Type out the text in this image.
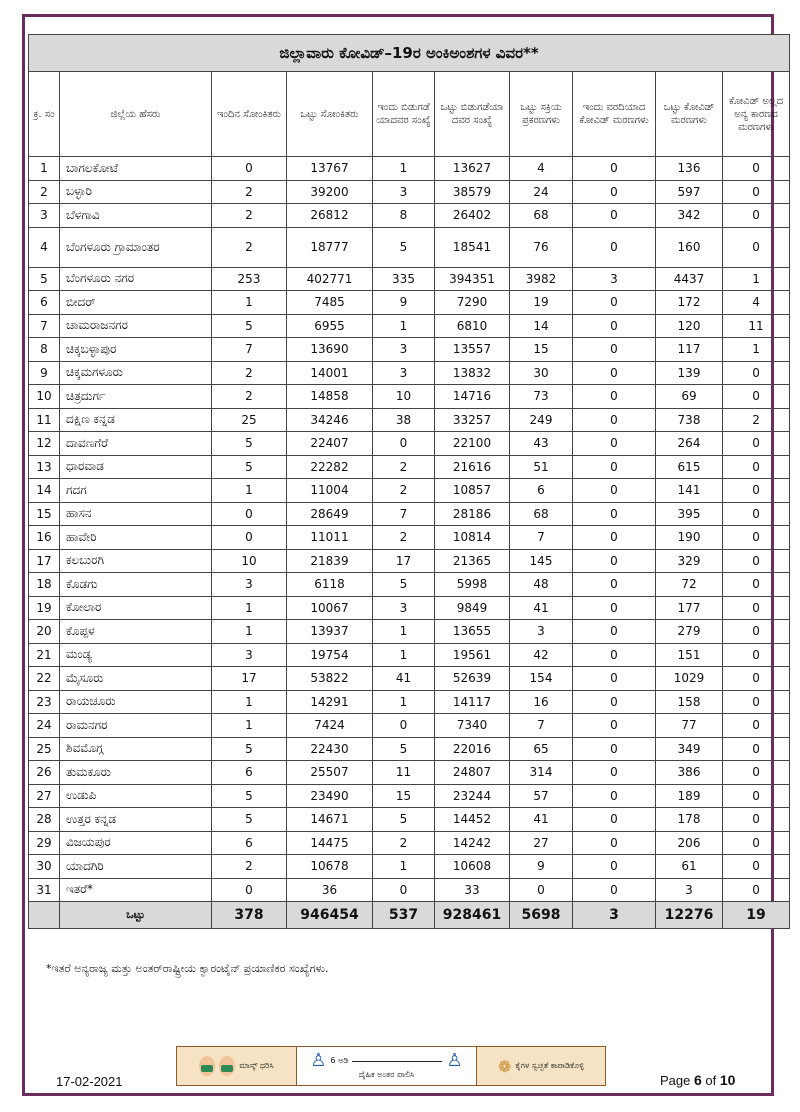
ಜಿಲ್ಲಾವಾರು ಕೋವಿಡ್–19ರ ಅಂಕಿಅಂಶಗಳ ವಿವರ**									
ಕ್ರ. ಸಂ	ಜಿಲ್ಲೆಯ ಹೆಸರು	ಇಂದಿನ ಸೋಂಕಿತರು	ಒಟ್ಟು ಸೋಂಕಿತರು	ಇಂದು ಬಿಡುಗಡೆ ಯಾದವರ ಸಂಖ್ಯೆ	ಒಟ್ಟು ಬಿಡುಗಡೆಯಾ ದವರ ಸಂಖ್ಯೆ	ಒಟ್ಟು ಸಕ್ರಿಯ ಪ್ರಕರಣಗಳು	ಇಂದು ವರದಿಯಾದ ಕೋವಿಡ್ ಮರಣಗಳು	ಒಟ್ಟು ಕೋವಿಡ್ ಮರಣಗಳು	ಕೋವಿಡ್ ಅಲ್ಲದ ಅನ್ಯ ಕಾರಣದ ಮರಣಗಳು
1	ಬಾಗಲಕೋಟೆ	0	13767	1	13627	4	0	136	0
2	ಬಳ್ಳಾರಿ	2	39200	3	38579	24	0	597	0
3	ಬೆಳಗಾವಿ	2	26812	8	26402	68	0	342	0
4	ಬೆಂಗಳೂರು ಗ್ರಾಮಾಂತರ	2	18777	5	18541	76	0	160	0
5	ಬೆಂಗಳೂರು ನಗರ	253	402771	335	394351	3982	3	4437	1
6	ಬೀದರ್	1	7485	9	7290	19	0	172	4
7	ಚಾಮರಾಜನಗರ	5	6955	1	6810	14	0	120	11
8	ಚಿಕ್ಕಬಳ್ಳಾಪುರ	7	13690	3	13557	15	0	117	1
9	ಚಿಕ್ಕಮಗಳೂರು	2	14001	3	13832	30	0	139	0
10	ಚಿತ್ರದುರ್ಗ	2	14858	10	14716	73	0	69	0
11	ದಕ್ಷಿಣ ಕನ್ನಡ	25	34246	38	33257	249	0	738	2
12	ದಾವಣಗೆರೆ	5	22407	0	22100	43	0	264	0
13	ಧಾರವಾಡ	5	22282	2	21616	51	0	615	0
14	ಗದಗ	1	11004	2	10857	6	0	141	0
15	ಹಾಸನ	0	28649	7	28186	68	0	395	0
16	ಹಾವೇರಿ	0	11011	2	10814	7	0	190	0
17	ಕಲಬುರಗಿ	10	21839	17	21365	145	0	329	0
18	ಕೊಡಗು	3	6118	5	5998	48	0	72	0
19	ಕೋಲಾರ	1	10067	3	9849	41	0	177	0
20	ಕೊಪ್ಪಳ	1	13937	1	13655	3	0	279	0
21	ಮಂಡ್ಯ	3	19754	1	19561	42	0	151	0
22	ಮೈಸೂರು	17	53822	41	52639	154	0	1029	0
23	ರಾಯಚೂರು	1	14291	1	14117	16	0	158	0
24	ರಾಮನಗರ	1	7424	0	7340	7	0	77	0
25	ಶಿವಮೊಗ್ಗ	5	22430	5	22016	65	0	349	0
26	ತುಮಕೂರು	6	25507	11	24807	314	0	386	0
27	ಉಡುಪಿ	5	23490	15	23244	57	0	189	0
28	ಉತ್ತರ ಕನ್ನಡ	5	14671	5	14452	41	0	178	0
29	ವಿಜಯಪುರ	6	14475	2	14242	27	0	206	0
30	ಯಾದಗಿರಿ	2	10678	1	10608	9	0	61	0
31	ಇತರೆ*	0	36	0	33	0	0	3	0
	ಒಟ್ಟು	378	946454	537	928461	5698	3	12276	19
*ಇತರೆ ಅನ್ಯರಾಜ್ಯ ಮತ್ತು ಅಂತರ್‌ರಾಷ್ಟ್ರೀಯ ಕ್ವಾರಂಟೈನ್ ಪ್ರಯಾಣಿಕರ ಸಂಖ್ಯೆಗಳು.
ಮಾಸ್ಕ್ ಧರಿಸಿ ♙ 6 ಅಡಿ	♙
ದೈಹಿಕ ಅಂತರ ಪಾಲಿಸಿ	❁ ಕೈಗಳ ಸ್ವಚ್ಛತೆ ಕಾಪಾಡಿಕೊಳ್ಳಿ
17-02-2021	Page 6 of 10
